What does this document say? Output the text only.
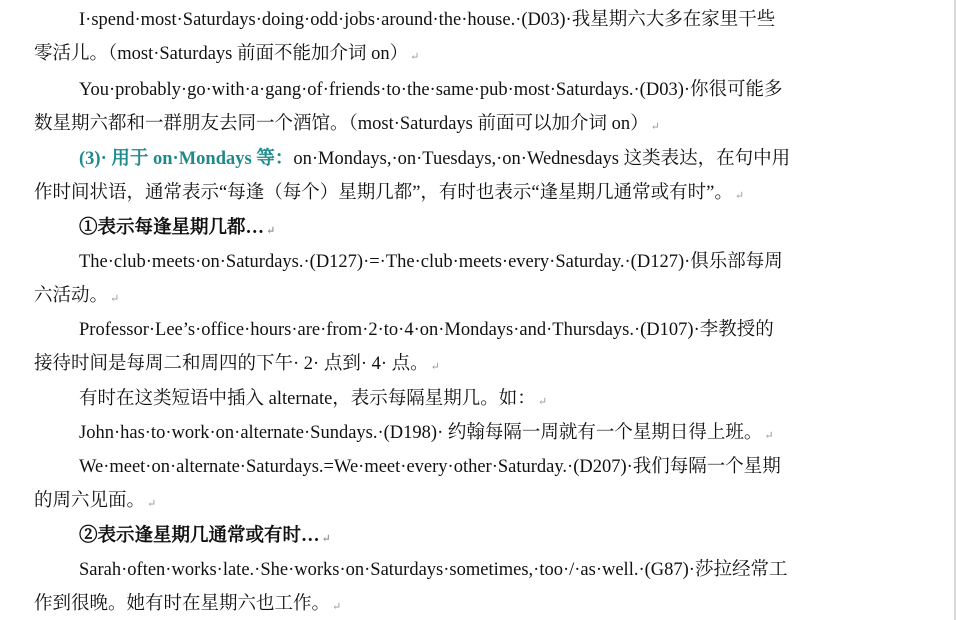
I·spend·most·Saturdays·doing·odd·jobs·around·the·house.·(D03)·我星期六大多在家里干些
零活儿。（most·Saturdays 前面不能加介词 on） ↵
You·probably·go·with·a·gang·of·friends·to·the·same·pub·most·Saturdays.·(D03)·你很可能多
数星期六都和一群朋友去同一个酒馆。（most·Saturdays 前面可以加介词 on） ↵
(3)· 用于 on·Mondays 等：on·Mondays,·on·Tuesdays,·on·Wednesdays 这类表达，在句中用
作时间状语，通常表示“每逢（每个）星期几都”，有时也表示“逢星期几通常或有时”。 ↵
①表示每逢星期几都… ↵
The·club·meets·on·Saturdays.·(D127)·=·The·club·meets·every·Saturday.·(D127)·俱乐部每周
六活动。 ↵
Professor·Lee’s·office·hours·are·from·2·to·4·on·Mondays·and·Thursdays.·(D107)·李教授的
接待时间是每周二和周四的下午· 2· 点到· 4· 点。 ↵
有时在这类短语中插入 alternate，表示每隔星期几。如： ↵
John·has·to·work·on·alternate·Sundays.·(D198)· 约翰每隔一周就有一个星期日得上班。 ↵
We·meet·on·alternate·Saturdays.=We·meet·every·other·Saturday.·(D207)·我们每隔一个星期
的周六见面。 ↵
②表示逢星期几通常或有时… ↵
Sarah·often·works·late.·She·works·on·Saturdays·sometimes,·too·/·as·well.·(G87)·莎拉经常工
作到很晚。她有时在星期六也工作。 ↵
